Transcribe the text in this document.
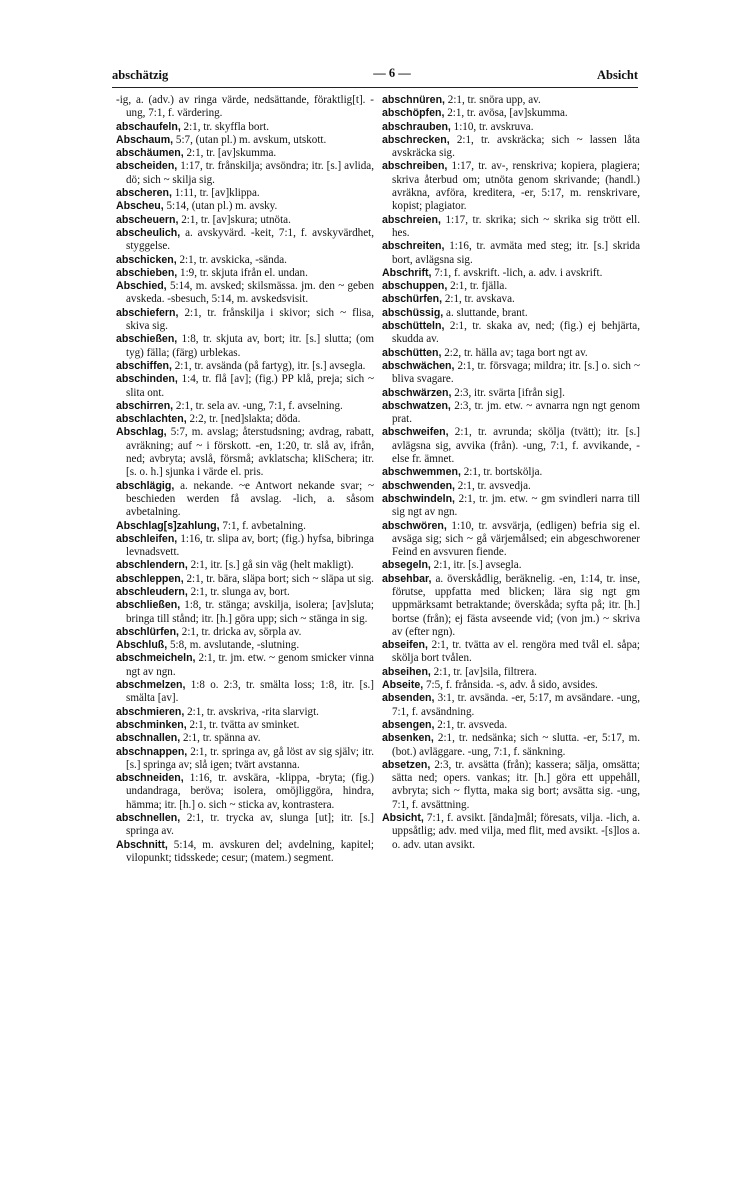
abschätzig	— 6 —	Absicht

-ig, a. (adv.) av ringa värde, nedsättande, föraktlig[t]. -ung, 7:1, f. värdering.

abschaufeln, 2:1, tr. skyffla bort.

Abschaum, 5:7, (utan pl.) m. avskum, utskott.

abschäumen, 2:1, tr. [av]skumma.

abscheiden, 1:17, tr. frånskilja; avsöndra; itr. [s.] avlida, dö; sich ~ skilja sig.

abscheren, 1:11, tr. [av]klippa.

Abscheu, 5:14, (utan pl.) m. avsky.

abscheuern, 2:1, tr. [av]skura; utnöta.

abscheulich, a. avskyvärd. -keit, 7:1, f. avskyvärdhet, styggelse.

abschicken, 2:1, tr. avskicka, -sända.

abschieben, 1:9, tr. skjuta ifrån el. undan.

Abschied, 5:14, m. avsked; skilsmässa. jm. den ~ geben avskeda. -sbesuch, 5:14, m. avskedsvisit.

abschiefern, 2:1, tr. frånskilja i skivor; sich ~ flisa, skiva sig.

abschießen, 1:8, tr. skjuta av, bort; itr. [s.] slutta; (om tyg) fälla; (färg) urblekas.

abschiffen, 2:1, tr. avsända (på fartyg), itr. [s.] avsegla.

abschinden, 1:4, tr. flå [av]; (fig.) PP klå, preja; sich ~ slita ont.

abschirren, 2:1, tr. sela av. -ung, 7:1, f. avselning.

abschlachten, 2:2, tr. [ned]slakta; döda.

Abschlag, 5:7, m. avslag; återstudsning; avdrag, rabatt, avräkning; auf ~ i förskott. -en, 1:20, tr. slå av, ifrån, ned; avbryta; avslå, försmå; avklatscha; kliSchera; itr. [s. o. h.] sjunka i värde el. pris.

abschlägig, a. nekande. ~e Antwort nekande svar; ~ beschieden werden få avslag. -lich, a. såsom avbetalning.

Abschlag[s]zahlung, 7:1, f. avbetalning.

abschleifen, 1:16, tr. slipa av, bort; (fig.) hyfsa, bibringa levnadsvett.

abschlendern, 2:1, itr. [s.] gå sin väg (helt makligt).

abschleppen, 2:1, tr. bära, släpa bort; sich ~ släpa ut sig.

abschleudern, 2:1, tr. slunga av, bort.

abschließen, 1:8, tr. stänga; avskilja, isolera; [av]sluta; bringa till stånd; itr. [h.] göra upp; sich ~ stänga in sig.

abschlürfen, 2:1, tr. dricka av, sörpla av.

Abschluß, 5:8, m. avslutande, -slutning.

abschmeicheln, 2:1, tr. jm. etw. ~ genom smicker vinna ngt av ngn.

abschmelzen, 1:8 o. 2:3, tr. smälta loss; 1:8, itr. [s.] smälta [av].

abschmieren, 2:1, tr. avskriva, -rita slarvigt.

abschminken, 2:1, tr. tvätta av sminket.

abschnallen, 2:1, tr. spänna av.

abschnappen, 2:1, tr. springa av, gå löst av sig själv; itr. [s.] springa av; slå igen; tvärt avstanna.

abschneiden, 1:16, tr. avskära, -klippa, -bryta; (fig.) undandraga, beröva; isolera, omöjliggöra, hindra, hämma; itr. [h.] o. sich ~ sticka av, kontrastera.

abschnellen, 2:1, tr. trycka av, slunga [ut]; itr. [s.] springa av.

Abschnitt, 5:14, m. avskuren del; avdelning, kapitel; vilopunkt; tidsskede; cesur; (matem.) segment.

abschnüren, 2:1, tr. snöra upp, av.

abschöpfen, 2:1, tr. avösa, [av]skumma.

abschrauben, 1:10, tr. avskruva.

abschrecken, 2:1, tr. avskräcka; sich ~ lassen låta avskräcka sig.

abschreiben, 1:17, tr. av-, renskriva; kopiera, plagiera; skriva återbud om; utnöta genom skrivande; (handl.) avräkna, avföra, kreditera, -er, 5:17, m. renskrivare, kopist; plagiator.

abschreien, 1:17, tr. skrika; sich ~ skrika sig trött ell. hes.

abschreiten, 1:16, tr. avmäta med steg; itr. [s.] skrida bort, avlägsna sig.

Abschrift, 7:1, f. avskrift. -lich, a. adv. i avskrift.

abschuppen, 2:1, tr. fjälla.

abschürfen, 2:1, tr. avskava.

abschüssig, a. sluttande, brant.

abschütteln, 2:1, tr. skaka av, ned; (fig.) ej behjärta, skudda av.

abschütten, 2:2, tr. hälla av; taga bort ngt av.

abschwächen, 2:1, tr. försvaga; mildra; itr. [s.] o. sich ~ bliva svagare.

abschwärzen, 2:3, itr. svärta [ifrån sig].

abschwatzen, 2:3, tr. jm. etw. ~ avnarra ngn ngt genom prat.

abschweifen, 2:1, tr. avrunda; skölja (tvätt); itr. [s.] avlägsna sig, avvika (från). -ung, 7:1, f. avvikande, -else fr. ämnet.

abschwemmen, 2:1, tr. bortskölja.

abschwenden, 2:1, tr. avsvedja.

abschwindeln, 2:1, tr. jm. etw. ~ gm svindleri narra till sig ngt av ngn.

abschwören, 1:10, tr. avsvärja, (edligen) befria sig el. avsäga sig; sich ~ gå värjemålsed; ein abgeschworener Feind en avsvuren fiende.

absegeln, 2:1, itr. [s.] avsegla.

absehbar, a. överskådlig, beräknelig. -en, 1:14, tr. inse, förutse, uppfatta med blicken; lära sig ngt gm uppmärksamt betraktande; överskåda; syfta på; itr. [h.] bortse (från); ej fästa avseende vid; (von jm.) ~ skriva av (efter ngn).

abseifen, 2:1, tr. tvätta av el. rengöra med tvål el. såpa; skölja bort tvålen.

abseihen, 2:1, tr. [av]sila, filtrera.

Abseite, 7:5, f. frånsida. -s, adv. å sido, avsides.

absenden, 3:1, tr. avsända. -er, 5:17, m avsändare. -ung, 7:1, f. avsändning.

absengen, 2:1, tr. avsveda.

absenken, 2:1, tr. nedsänka; sich ~ slutta. -er, 5:17, m. (bot.) avläggare. -ung, 7:1, f. sänkning.

absetzen, 2:3, tr. avsätta (från); kassera; sälja, omsätta; sätta ned; opers. vankas; itr. [h.] göra ett uppehåll, avbryta; sich ~ flytta, maka sig bort; avsätta sig. -ung, 7:1, f. avsättning.

Absicht, 7:1, f. avsikt. [ända]mål; föresats, vilja. -lich, a. uppsåtlig; adv. med vilja, med flit, med avsikt. -[s]los a. o. adv. utan avsikt.
